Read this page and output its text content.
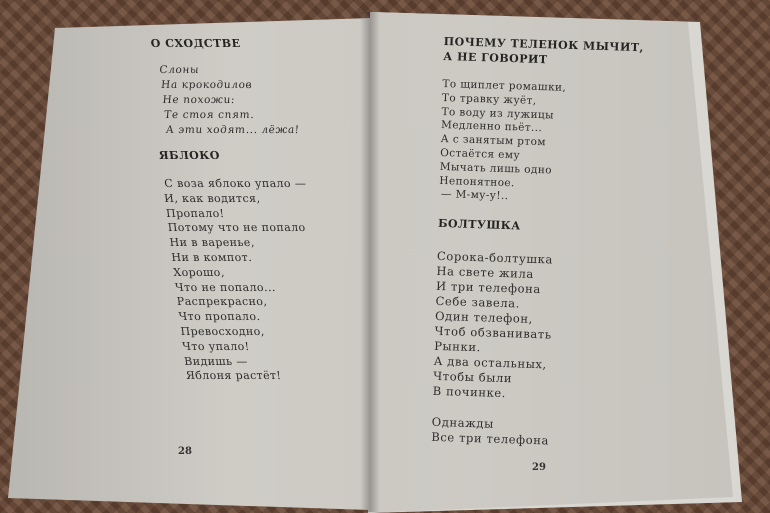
О СХОДСТВЕ
Слоны
На крокодилов
Не похожи:
Те стоя спят.
А эти ходят... лёжа!
ЯБЛОКО
С воза яблоко упало —
И, как водится,
Пропало!
Потому что не попало
Ни в варенье,
Ни в компот.
Хорошо,
Что не попало...
Распрекрасно,
Что пропало.
Превосходно,
Что упало!
Видишь —
Яблоня растёт!
28
ПОЧЕМУ ТЕЛЕНОК МЫЧИТ,
А НЕ ГОВОРИТ
То щиплет ромашки,
То травку жуёт,
То воду из лужицы
Медленно пьёт...
А с занятым ртом
Остаётся ему
Мычать лишь одно
Непонятное.
— М-му-у!..
БОЛТУШКА
Сорока-болтушка
На свете жила
И три телефона
Себе завела.
Один телефон,
Чтоб обзванивать
Рынки.
А два остальных,
Чтобы были
В починке.
Однажды
Все три телефона
29
